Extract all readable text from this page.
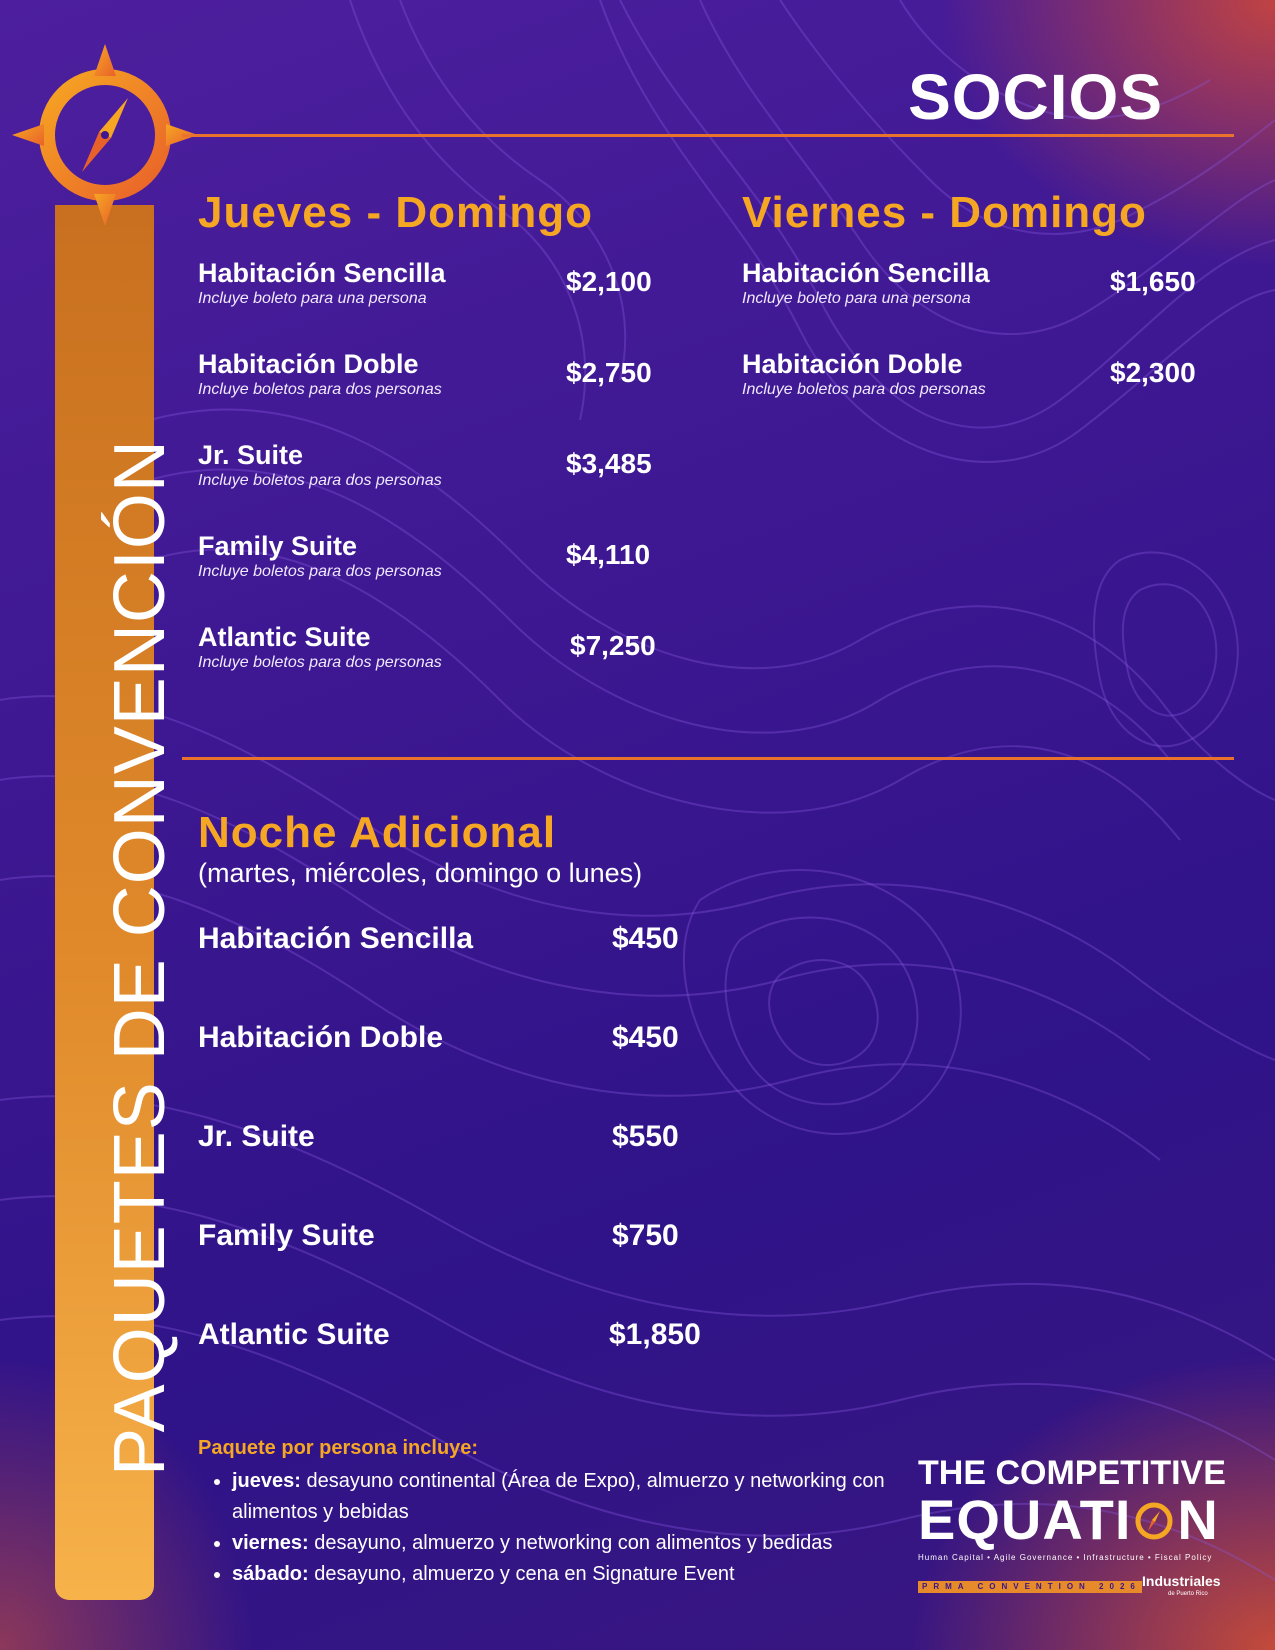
PAQUETES DE CONVENCIÓN
SOCIOS
Jueves - Domingo
Habitación Sencilla
Incluye boleto para una persona
$2,100
Habitación Doble
Incluye boletos para dos personas
$2,750
Jr. Suite
Incluye boletos para dos personas
$3,485
Family Suite
Incluye boletos para dos personas
$4,110
Atlantic Suite
Incluye boletos para dos personas
$7,250
Viernes - Domingo
Habitación Sencilla
Incluye boleto para una persona
$1,650
Habitación Doble
Incluye boletos para dos personas
$2,300
Noche Adicional
(martes, miércoles, domingo o lunes)
Habitación Sencilla	$450
Habitación Doble	$450
Jr. Suite	$550
Family Suite	$750
Atlantic Suite	$1,850
Paquete por persona incluye:
• jueves: desayuno continental (Área de Expo), almuerzo y networking con alimentos y bebidas
• viernes: desayuno, almuerzo y networking con alimentos y bedidas
• sábado: desayuno, almuerzo y cena en Signature Event
THE COMPETITIVE
EQUATI N
Human Capital • Agile Governance • Infrastructure • Fiscal Policy
PRMA CONVENTION 2026 Industriales
de Puerto Rico
